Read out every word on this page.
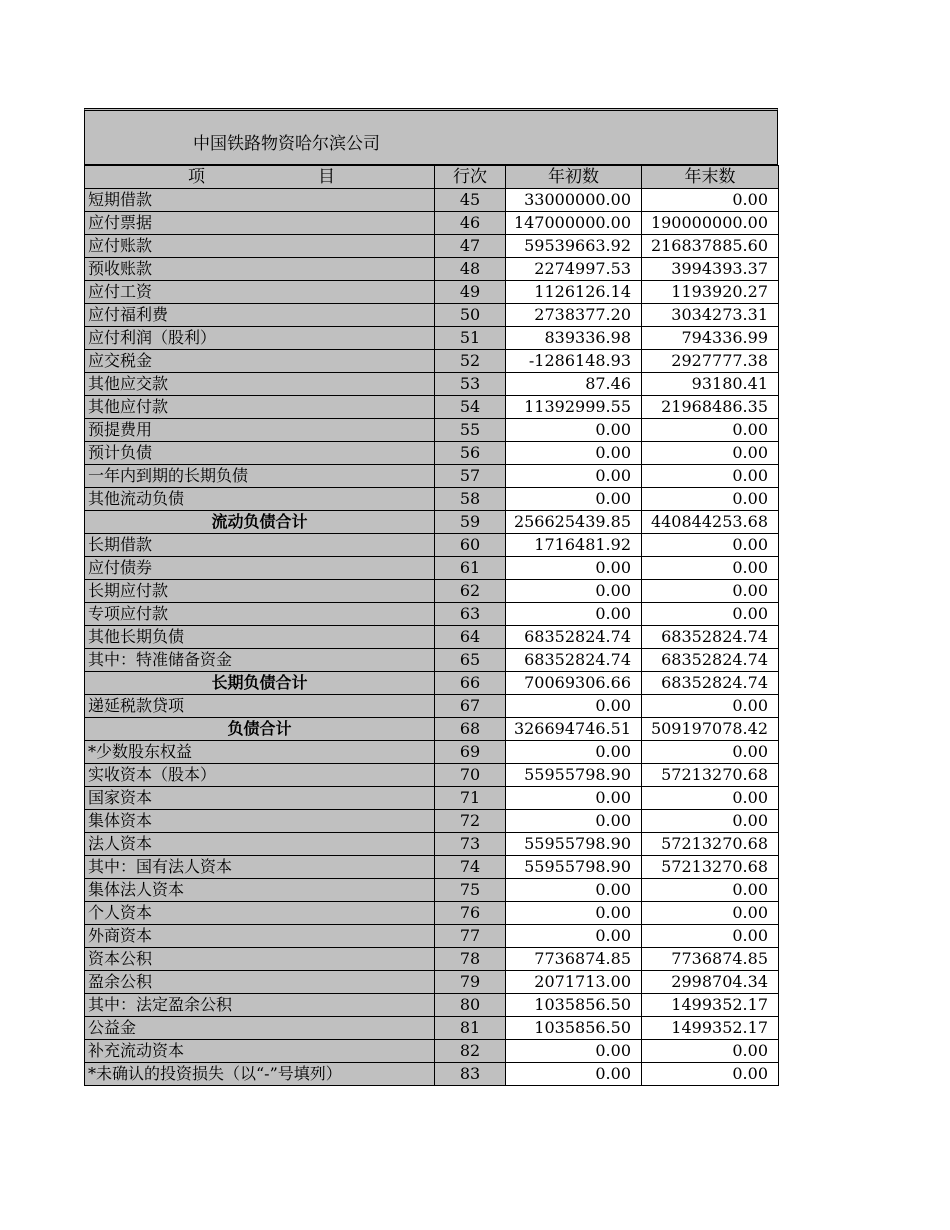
中国铁路物资哈尔滨公司
项 目	行次	年初数	年末数
短期借款	45	33000000.00	0.00
应付票据	46	147000000.00	190000000.00
应付账款	47	59539663.92	216837885.60
预收账款	48	2274997.53	3994393.37
应付工资	49	1126126.14	1193920.27
应付福利费	50	2738377.20	3034273.31
应付利润（股利）	51	839336.98	794336.99
应交税金	52	-1286148.93	2927777.38
其他应交款	53	87.46	93180.41
其他应付款	54	11392999.55	21968486.35
预提费用	55	0.00	0.00
预计负债	56	0.00	0.00
一年内到期的长期负债	57	0.00	0.00
其他流动负债	58	0.00	0.00
流动负债合计	59	256625439.85	440844253.68
长期借款	60	1716481.92	0.00
应付债券	61	0.00	0.00
长期应付款	62	0.00	0.00
专项应付款	63	0.00	0.00
其他长期负债	64	68352824.74	68352824.74
其中：特准储备资金	65	68352824.74	68352824.74
长期负债合计	66	70069306.66	68352824.74
递延税款贷项	67	0.00	0.00
负债合计	68	326694746.51	509197078.42
*少数股东权益	69	0.00	0.00
实收资本（股本）	70	55955798.90	57213270.68
国家资本	71	0.00	0.00
集体资本	72	0.00	0.00
法人资本	73	55955798.90	57213270.68
其中：国有法人资本	74	55955798.90	57213270.68
集体法人资本	75	0.00	0.00
个人资本	76	0.00	0.00
外商资本	77	0.00	0.00
资本公积	78	7736874.85	7736874.85
盈余公积	79	2071713.00	2998704.34
其中：法定盈余公积	80	1035856.50	1499352.17
公益金	81	1035856.50	1499352.17
补充流动资本	82	0.00	0.00
*未确认的投资损失（以“-”号填列）	83	0.00	0.00
